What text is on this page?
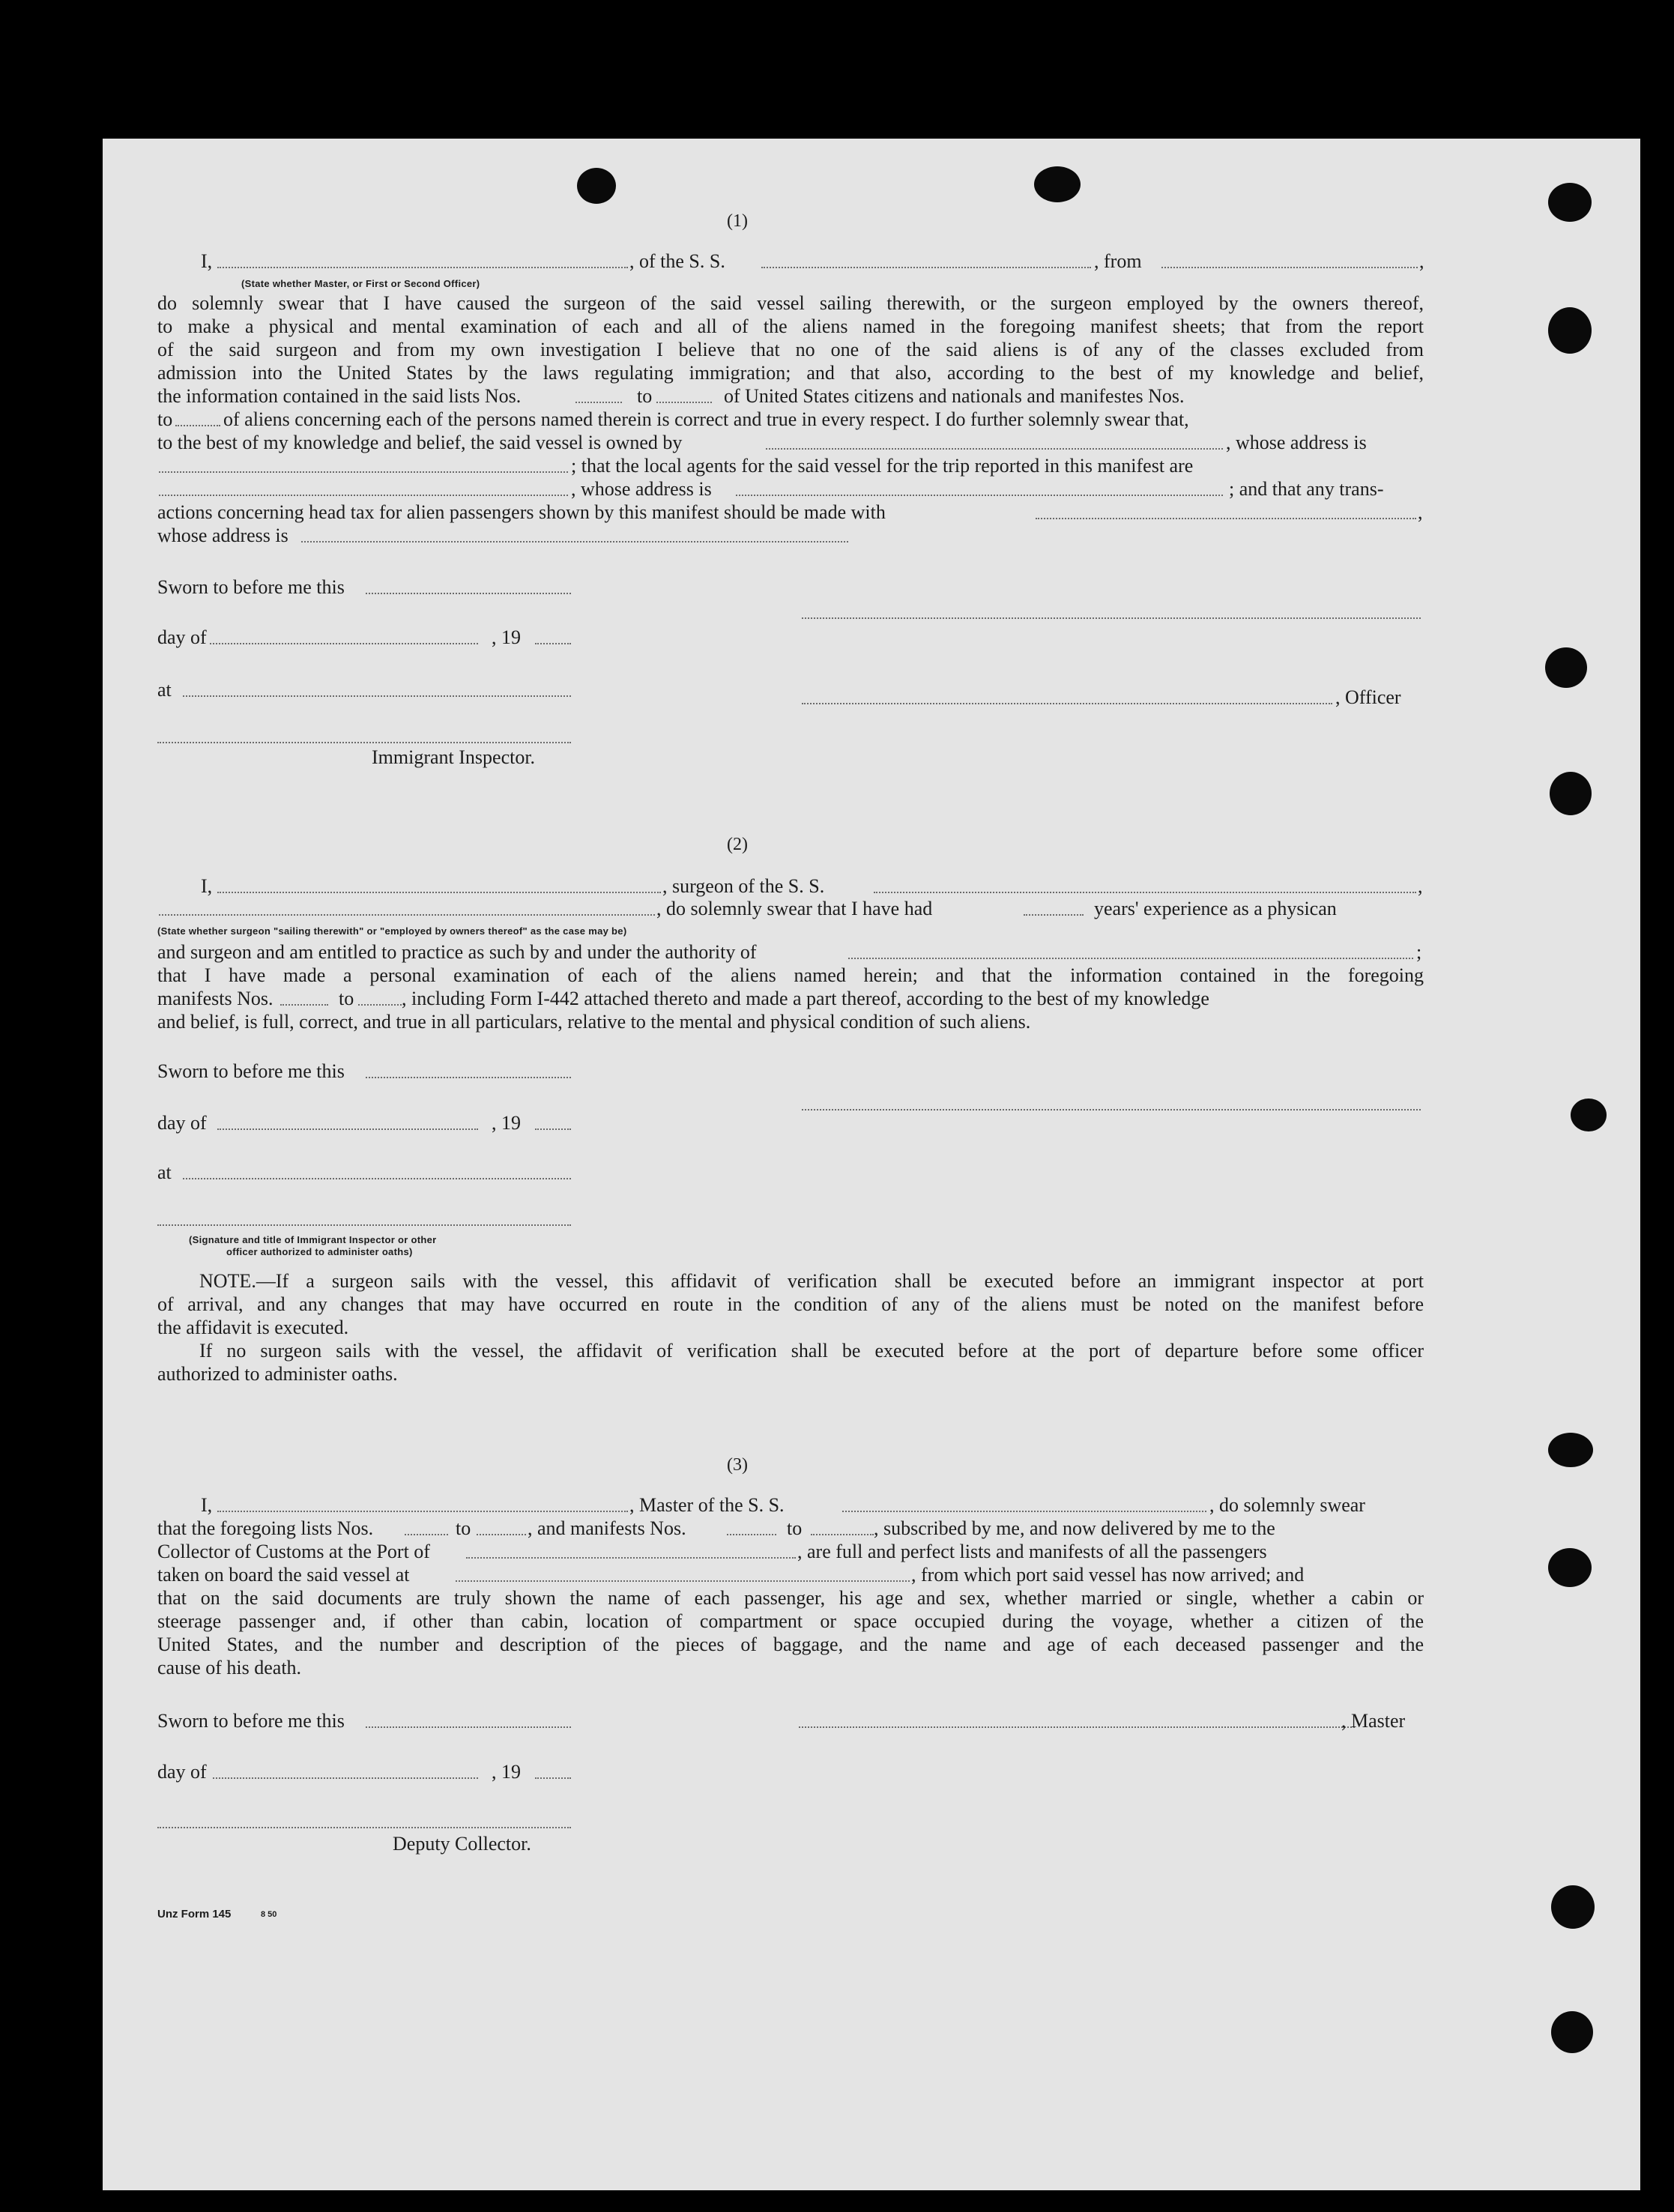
(1)
I,	, of the S. S.	, from	,
(State whether Master, or First or Second Officer)
do solemnly swear that I have caused the surgeon of the said vessel sailing therewith, or the surgeon employed by the owners thereof,
to make a physical and mental examination of each and all of the aliens named in the foregoing manifest sheets; that from the report
of the said surgeon and from my own investigation I believe that no one of the said aliens is of any of the classes excluded from
admission into the United States by the laws regulating immigration; and that also, according to the best of my knowledge and belief,
the information contained in the said lists Nos.	to	of United States citizens and nationals and manifestes Nos.
to	of aliens concerning each of the persons named therein is correct and true in every respect. I do further solemnly swear that,
to the best of my knowledge and belief, the said vessel is owned by	, whose address is
; that the local agents for the said vessel for the trip reported in this manifest are
, whose address is	; and that any trans-
actions concerning head tax for alien passengers shown by this manifest should be made with	,
whose address is
Sworn to before me this
day of	, 19
at	, Officer
Immigrant Inspector.
(2)
I,	, surgeon of the S. S.	,
, do solemnly swear that I have had	years' experience as a physican
(State whether surgeon "sailing therewith" or "employed by owners thereof" as the case may be)
and surgeon and am entitled to practice as such by and under the authority of	;
that I have made a personal examination of each of the aliens named herein; and that the information contained in the foregoing
manifests Nos.	to , including Form I-442 attached thereto and made a part thereof, according to the best of my knowledge
and belief, is full, correct, and true in all particulars, relative to the mental and physical condition of such aliens.
Sworn to before me this
day of	, 19
at
(Signature and title of Immigrant Inspector or other
officer authorized to administer oaths)
NOTE.—If a surgeon sails with the vessel, this affidavit of verification shall be executed before an immigrant inspector at port
of arrival, and any changes that may have occurred en route in the condition of any of the aliens must be noted on the manifest before
the affidavit is executed.
If no surgeon sails with the vessel, the affidavit of verification shall be executed before at the port of departure before some officer
authorized to administer oaths.
(3)
I,	, Master of the S. S.	, do solemnly swear
that the foregoing lists Nos.	to	, and manifests Nos.	to	, subscribed by me, and now delivered by me to the
Collector of Customs at the Port of	, are full and perfect lists and manifests of all the passengers
taken on board the said vessel at	, from which port said vessel has now arrived; and
that on the said documents are truly shown the name of each passenger, his age and sex, whether married or single, whether a cabin or
steerage passenger and, if other than cabin, location of compartment or space occupied during the voyage, whether a citizen of the
United States, and the number and description of the pieces of baggage, and the name and age of each deceased passenger and the
cause of his death.
Sworn to before me this	, Master
day of	, 19
Deputy Collector.
Unz Form 145	8 50
